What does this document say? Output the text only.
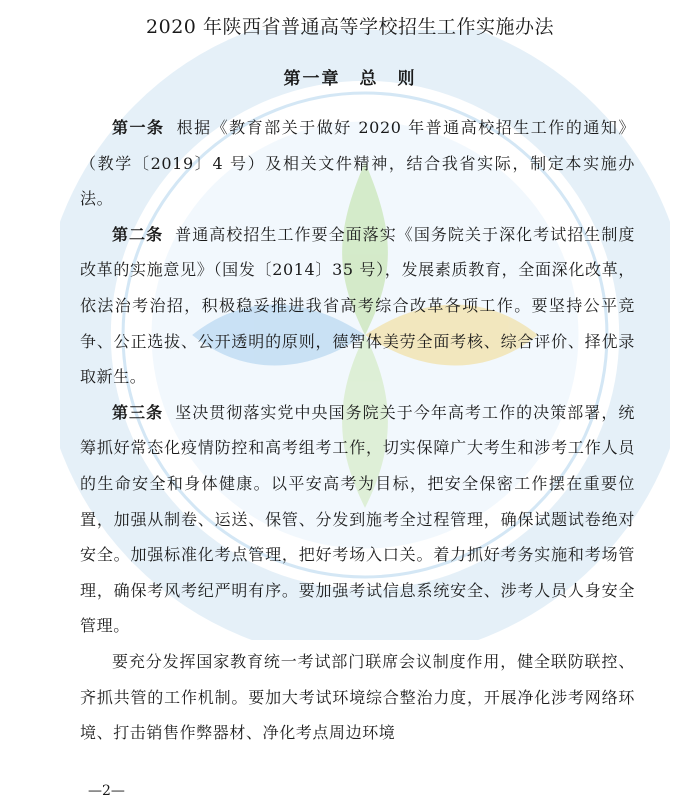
2020 年陕西省普通高等学校招生工作实施办法
第一章　总　则

第一条 根据《教育部关于做好 2020 年普通高校招生工作的通知》（教学〔2019〕4 号）及相关文件精神，结合我省实际，制定本实施办法。

第二条 普通高校招生工作要全面落实《国务院关于深化考试招生制度改革的实施意见》（国发〔2014〕35 号），发展素质教育，全面深化改革，依法治考治招，积极稳妥推进我省高考综合改革各项工作。要坚持公平竞争、公正选拔、公开透明的原则，德智体美劳全面考核、综合评价、择优录取新生。

第三条 坚决贯彻落实党中央国务院关于今年高考工作的决策部署，统筹抓好常态化疫情防控和高考组考工作，切实保障广大考生和涉考工作人员的生命安全和身体健康。以平安高考为目标，把安全保密工作摆在重要位置，加强从制卷、运送、保管、分发到施考全过程管理，确保试题试卷绝对安全。加强标准化考点管理，把好考场入口关。着力抓好考务实施和考场管理，确保考风考纪严明有序。要加强考试信息系统安全、涉考人员人身安全管理。

要充分发挥国家教育统一考试部门联席会议制度作用，健全联防联控、齐抓共管的工作机制。要加大考试环境综合整治力度，开展净化涉考网络环境、打击销售作弊器材、净化考点周边环境

—2—
